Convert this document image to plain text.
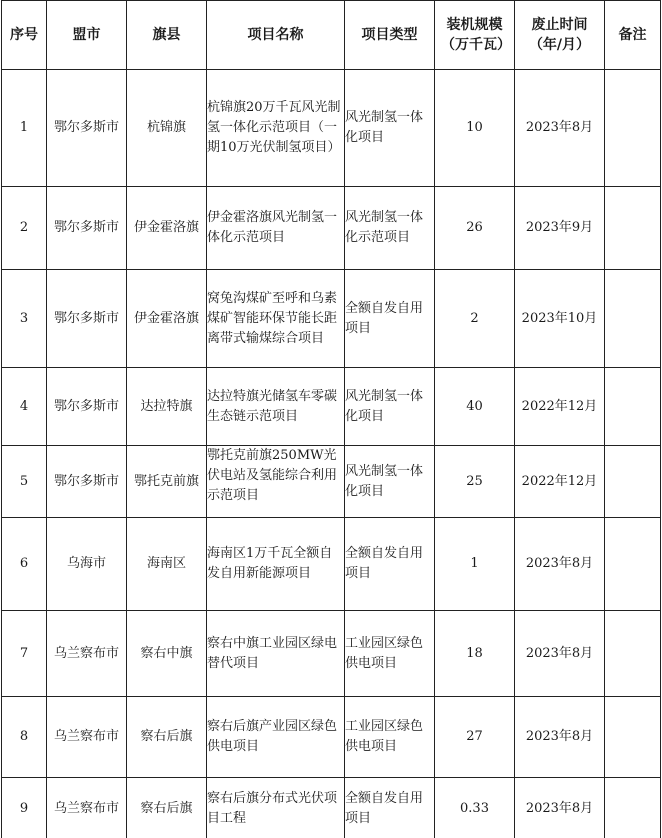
序号	盟市	旗县	项目名称	项目类型	装机规模（万千瓦）	废止时间（年/月）	备注
1	鄂尔多斯市	杭锦旗	杭锦旗20万千瓦风光制氢一体化示范项目（一期10万光伏制氢项目）	风光制氢一体化项目	10	2023年8月	
2	鄂尔多斯市	伊金霍洛旗	伊金霍洛旗风光制氢一体化示范项目	风光制氢一体化示范项目	26	2023年9月	
3	鄂尔多斯市	伊金霍洛旗	窝兔沟煤矿至呼和乌素煤矿智能环保节能长距离带式输煤综合项目	全额自发自用项目	2	2023年10月	
4	鄂尔多斯市	达拉特旗	达拉特旗光储氢车零碳生态链示范项目	风光制氢一体化项目	40	2022年12月	
5	鄂尔多斯市	鄂托克前旗	鄂托克前旗250MW光伏电站及氢能综合利用示范项目	风光制氢一体化项目	25	2022年12月	
6	乌海市	海南区	海南区1万千瓦全额自发自用新能源项目	全额自发自用项目	1	2023年8月	
7	乌兰察布市	察右中旗	察右中旗工业园区绿电替代项目	工业园区绿色供电项目	18	2023年8月	
8	乌兰察布市	察右后旗	察右后旗产业园区绿色供电项目	工业园区绿色供电项目	27	2023年8月	
9	乌兰察布市	察右后旗	察右后旗分布式光伏项目工程	全额自发自用项目	0.33	2023年8月	
